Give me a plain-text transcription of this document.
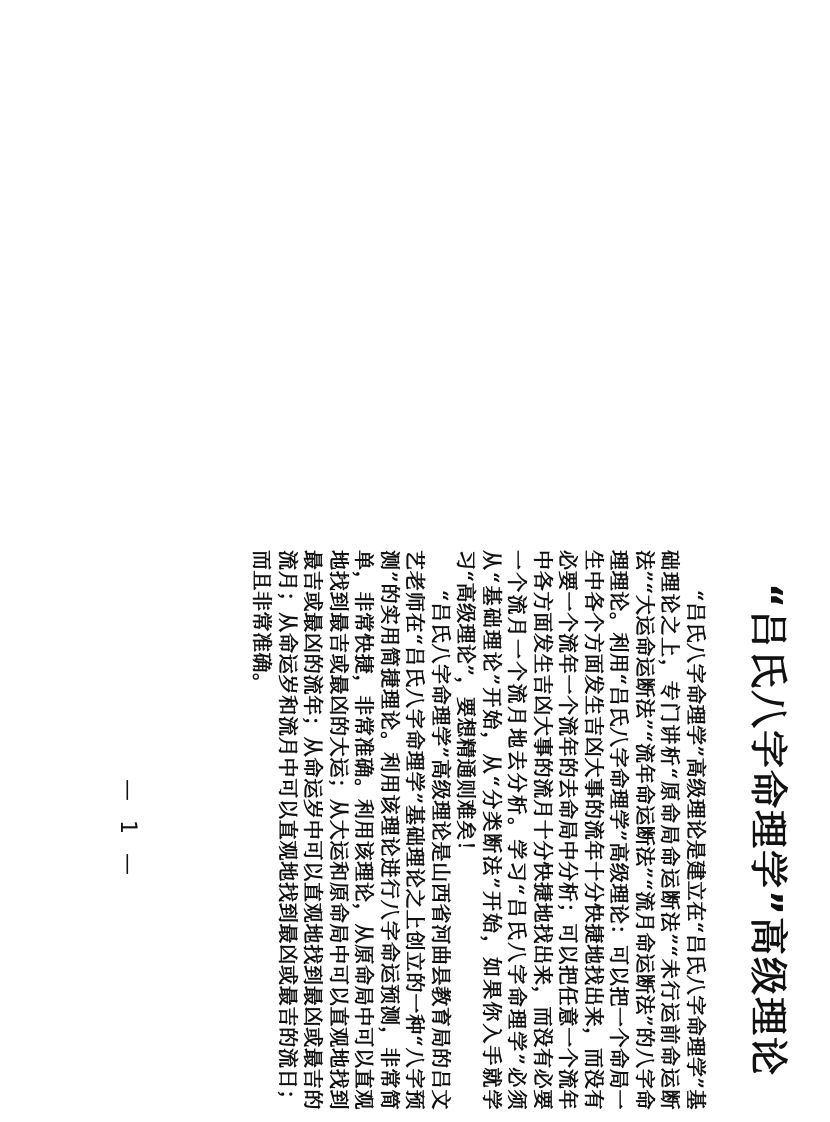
“吕氏八字命理学”高级理论

“吕氏八字命理学”高级理论是建立在“吕氏八字命理学”基础理论之上，专门讲析“原命局命运断法”“未行运前命运断法”“大运命运断法”“流年命运断法”“流月命运断法”的八字命理理论。利用“吕氏八字命理学”高级理论：可以把一个命局一生中各个方面发生吉凶大事的流年十分快捷地找出来，而没有必要一个流年一个流年的去命局中分析；可以把任意一个流年中各方面发生吉凶大事的流月十分快捷地找出来，而没有必要一个流月一个流月地去分析。学习“吕氏八字命理学”必须从“基础理论”开始，从“分类断法”开始，如果你入手就学习“高级理论”，要想精通则难矣！

“吕氏八字命理学”高级理论是山西省河曲县教育局的吕文艺老师在“吕氏八字命理学”基础理论之上创立的一种“八字预测”的实用简捷理论。利用该理论进行八字命运预测，非常简单，非常快捷，非常准确。利用该理论，从原命局中可以直观地找到最吉或最凶的大运；从大运和原命局中可以直观地找到最吉或最凶的流年；从命运岁中可以直观地找到最凶或最吉的流月；从命运岁和流月中可以直观地找到最凶或最吉的流日；而且非常准确。

— 1 —
